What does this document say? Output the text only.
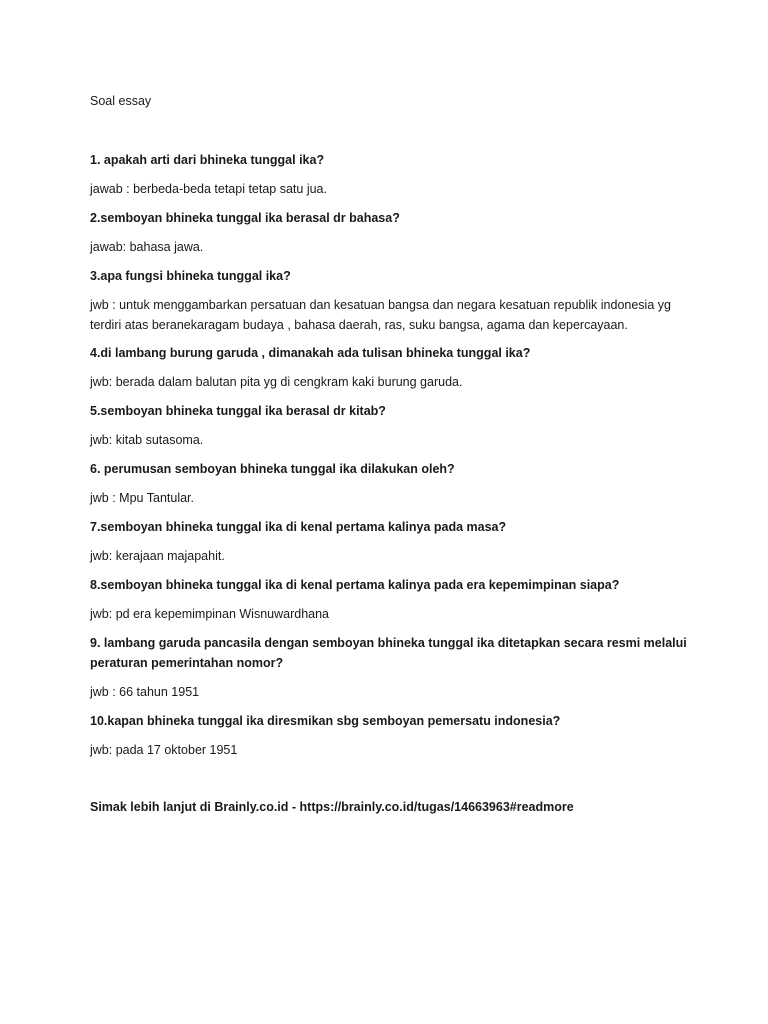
Soal essay

1. apakah arti dari bhineka tunggal ika?

jawab : berbeda-beda tetapi tetap satu jua.

2.semboyan bhineka tunggal ika berasal dr bahasa?

jawab: bahasa jawa.

3.apa fungsi bhineka tunggal ika?

jwb : untuk menggambarkan persatuan dan kesatuan bangsa dan negara kesatuan republik indonesia yg terdiri atas beranekaragam budaya , bahasa daerah, ras, suku bangsa, agama dan kepercayaan.

4.di lambang burung garuda , dimanakah ada tulisan bhineka tunggal ika?

jwb: berada dalam balutan pita yg di cengkram kaki burung garuda.

5.semboyan bhineka tunggal ika berasal dr kitab?

jwb: kitab sutasoma.

6. perumusan semboyan bhineka tunggal ika dilakukan oleh?

jwb : Mpu Tantular.

7.semboyan bhineka tunggal ika di kenal pertama kalinya pada masa?

jwb: kerajaan majapahit.

8.semboyan bhineka tunggal ika di kenal pertama kalinya pada era kepemimpinan siapa?

jwb: pd era kepemimpinan Wisnuwardhana

9. lambang garuda pancasila dengan semboyan bhineka tunggal ika ditetapkan secara resmi melalui peraturan pemerintahan nomor?

jwb : 66 tahun 1951

10.kapan bhineka tunggal ika diresmikan sbg semboyan pemersatu indonesia?

jwb: pada 17 oktober 1951

Simak lebih lanjut di Brainly.co.id - https://brainly.co.id/tugas/14663963#readmore
